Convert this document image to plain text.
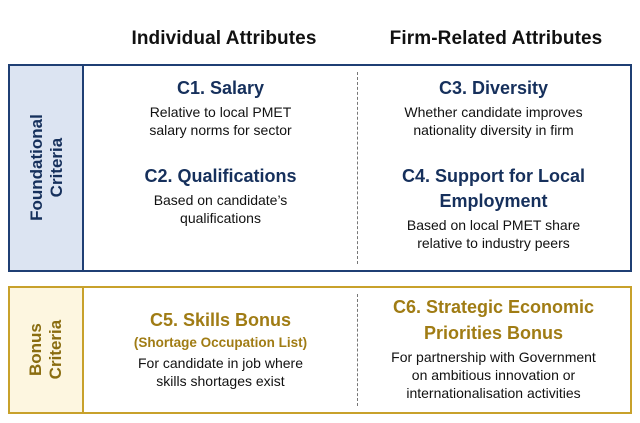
Individual Attributes	Firm-Related Attributes
Foundational Criteria
C1. Salary
Relative to local PMET
salary norms for sector
C2. Qualifications
Based on candidate’s
qualifications
C3. Diversity
Whether candidate improves
nationality diversity in firm
C4. Support for Local
Employment
Based on local PMET share
relative to industry peers
Bonus Criteria
C5. Skills Bonus
(Shortage Occupation List)
For candidate in job where
skills shortages exist
C6. Strategic Economic
Priorities Bonus
For partnership with Government
on ambitious innovation or
internationalisation activities
